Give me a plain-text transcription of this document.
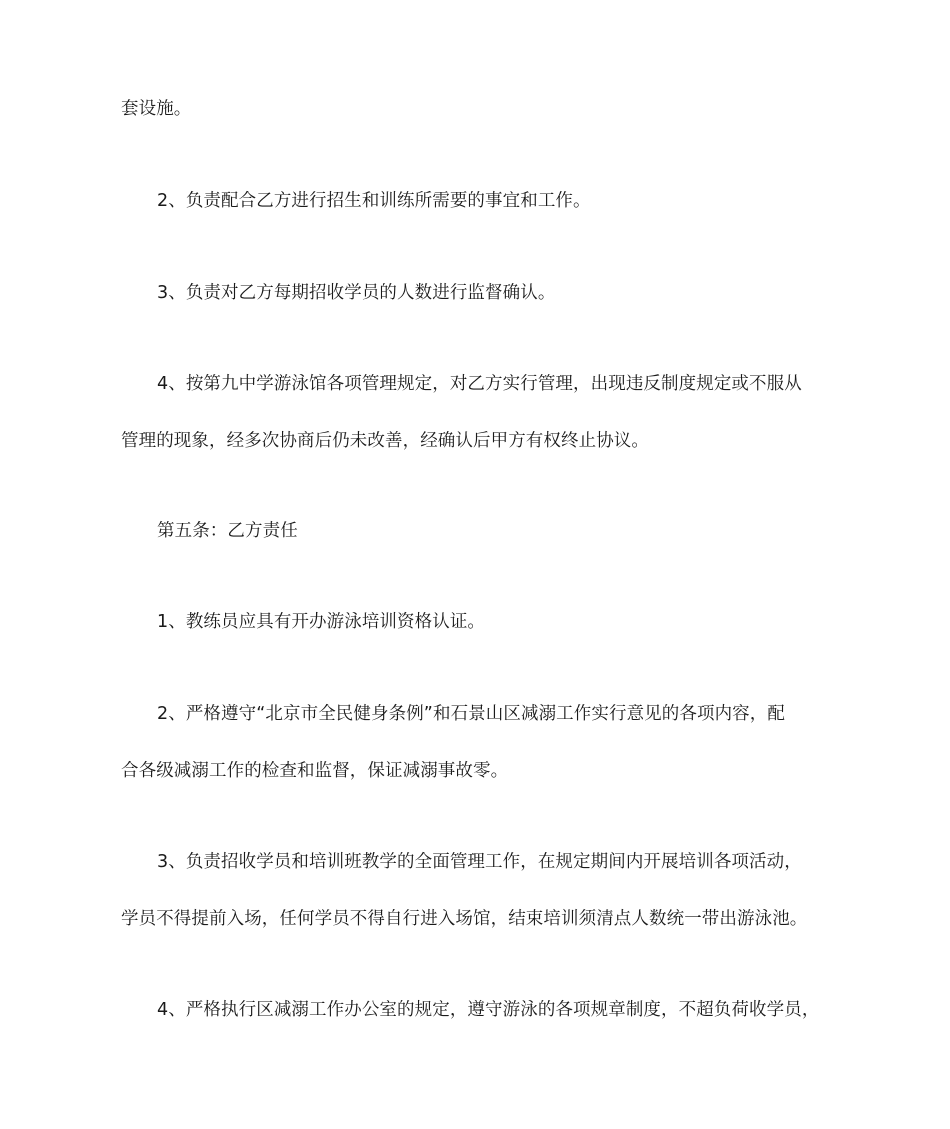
套设施。
2、负责配合乙方进行招生和训练所需要的事宜和工作。
3、负责对乙方每期招收学员的人数进行监督确认。
4、按第九中学游泳馆各项管理规定，对乙方实行管理，出现违反制度规定或不服从
管理的现象，经多次协商后仍未改善，经确认后甲方有权终止协议。
第五条：乙方责任
1、教练员应具有开办游泳培训资格认证。
2、严格遵守“北京市全民健身条例”和石景山区减溺工作实行意见的各项内容，配
合各级减溺工作的检查和监督，保证减溺事故零。
3、负责招收学员和培训班教学的全面管理工作，在规定期间内开展培训各项活动，
学员不得提前入场，任何学员不得自行进入场馆，结束培训须清点人数统一带出游泳池。
4、严格执行区减溺工作办公室的规定，遵守游泳的各项规章制度，不超负荷收学员，
